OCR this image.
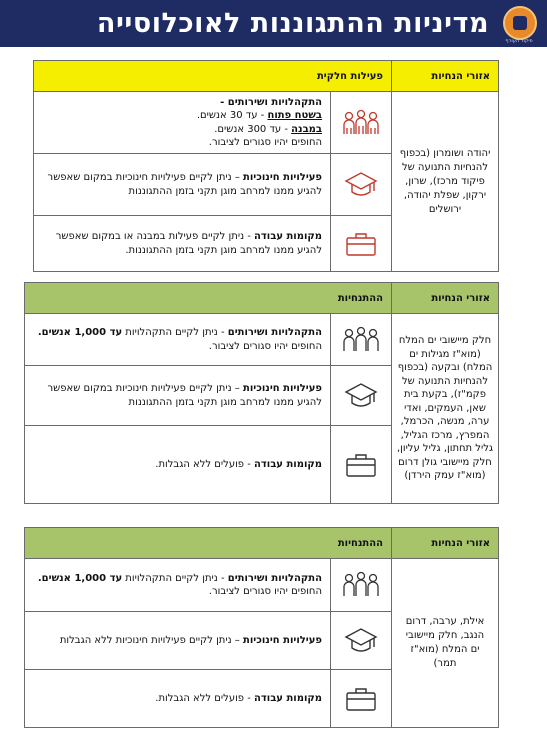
מדיניות ההתגוננות לאוכלוסייה
פיקוד העורף
אזורי הנחיות	פעילות חלקית	
יהודה ושומרון (בכפוף להנחיות התנועה של פיקוד מרכז), שרון, ירקון, שפלת יהודה, ירושלים		התקהלויות ושירותים -
בשטח פתוח - עד 30 אנשים.
במבנה - עד 300 אנשים.
החופים יהיו סגורים לציבור.

	פעילויות חינוכיות – ניתן לקיים פעילויות חינוכיות במקום שאפשר להגיע ממנו למרחב מוגן תקני בזמן ההתגוננות

	מקומות עבודה - ניתן לקיים פעילות במבנה או במקום שאפשר להגיע ממנו למרחב מוגן תקני בזמן ההתגוננות.
אזורי הנחיות	ההתנחיות	
חלק מיישובי ים המלח (מוא"ז מגילות ים המלח) ובקעה (בכפוף להנחיות התנועה של פקמ"ז), בקעת בית שאן, העמקים, ואדי ערה, מנשה, הכרמל, המפרץ, מרכז הגליל, גליל תחתון, גליל עליון, חלק מיישובי גולן דרום (מוא"ז עמק הירדן)		התקהלויות ושירותים - ניתן לקיים התקהלויות עד 1,000 אנשים. החופים יהיו סגורים לציבור.

	פעילויות חינוכיות – ניתן לקיים פעילויות חינוכיות במקום שאפשר להגיע ממנו למרחב מוגן תקני בזמן ההתגוננות

	מקומות עבודה - פועלים ללא הגבלות.
אזורי הנחיות	ההתנחיות	
אילת, ערבה, דרום הנגב, חלק מיישובי ים המלח (מוא"ז תמר)		התקהלויות ושירותים - ניתן לקיים התקהלויות עד 1,000 אנשים. החופים יהיו סגורים לציבור.

	פעילויות חינוכיות – ניתן לקיים פעילויות חינוכיות ללא הגבלות

	מקומות עבודה - פועלים ללא הגבלות.
